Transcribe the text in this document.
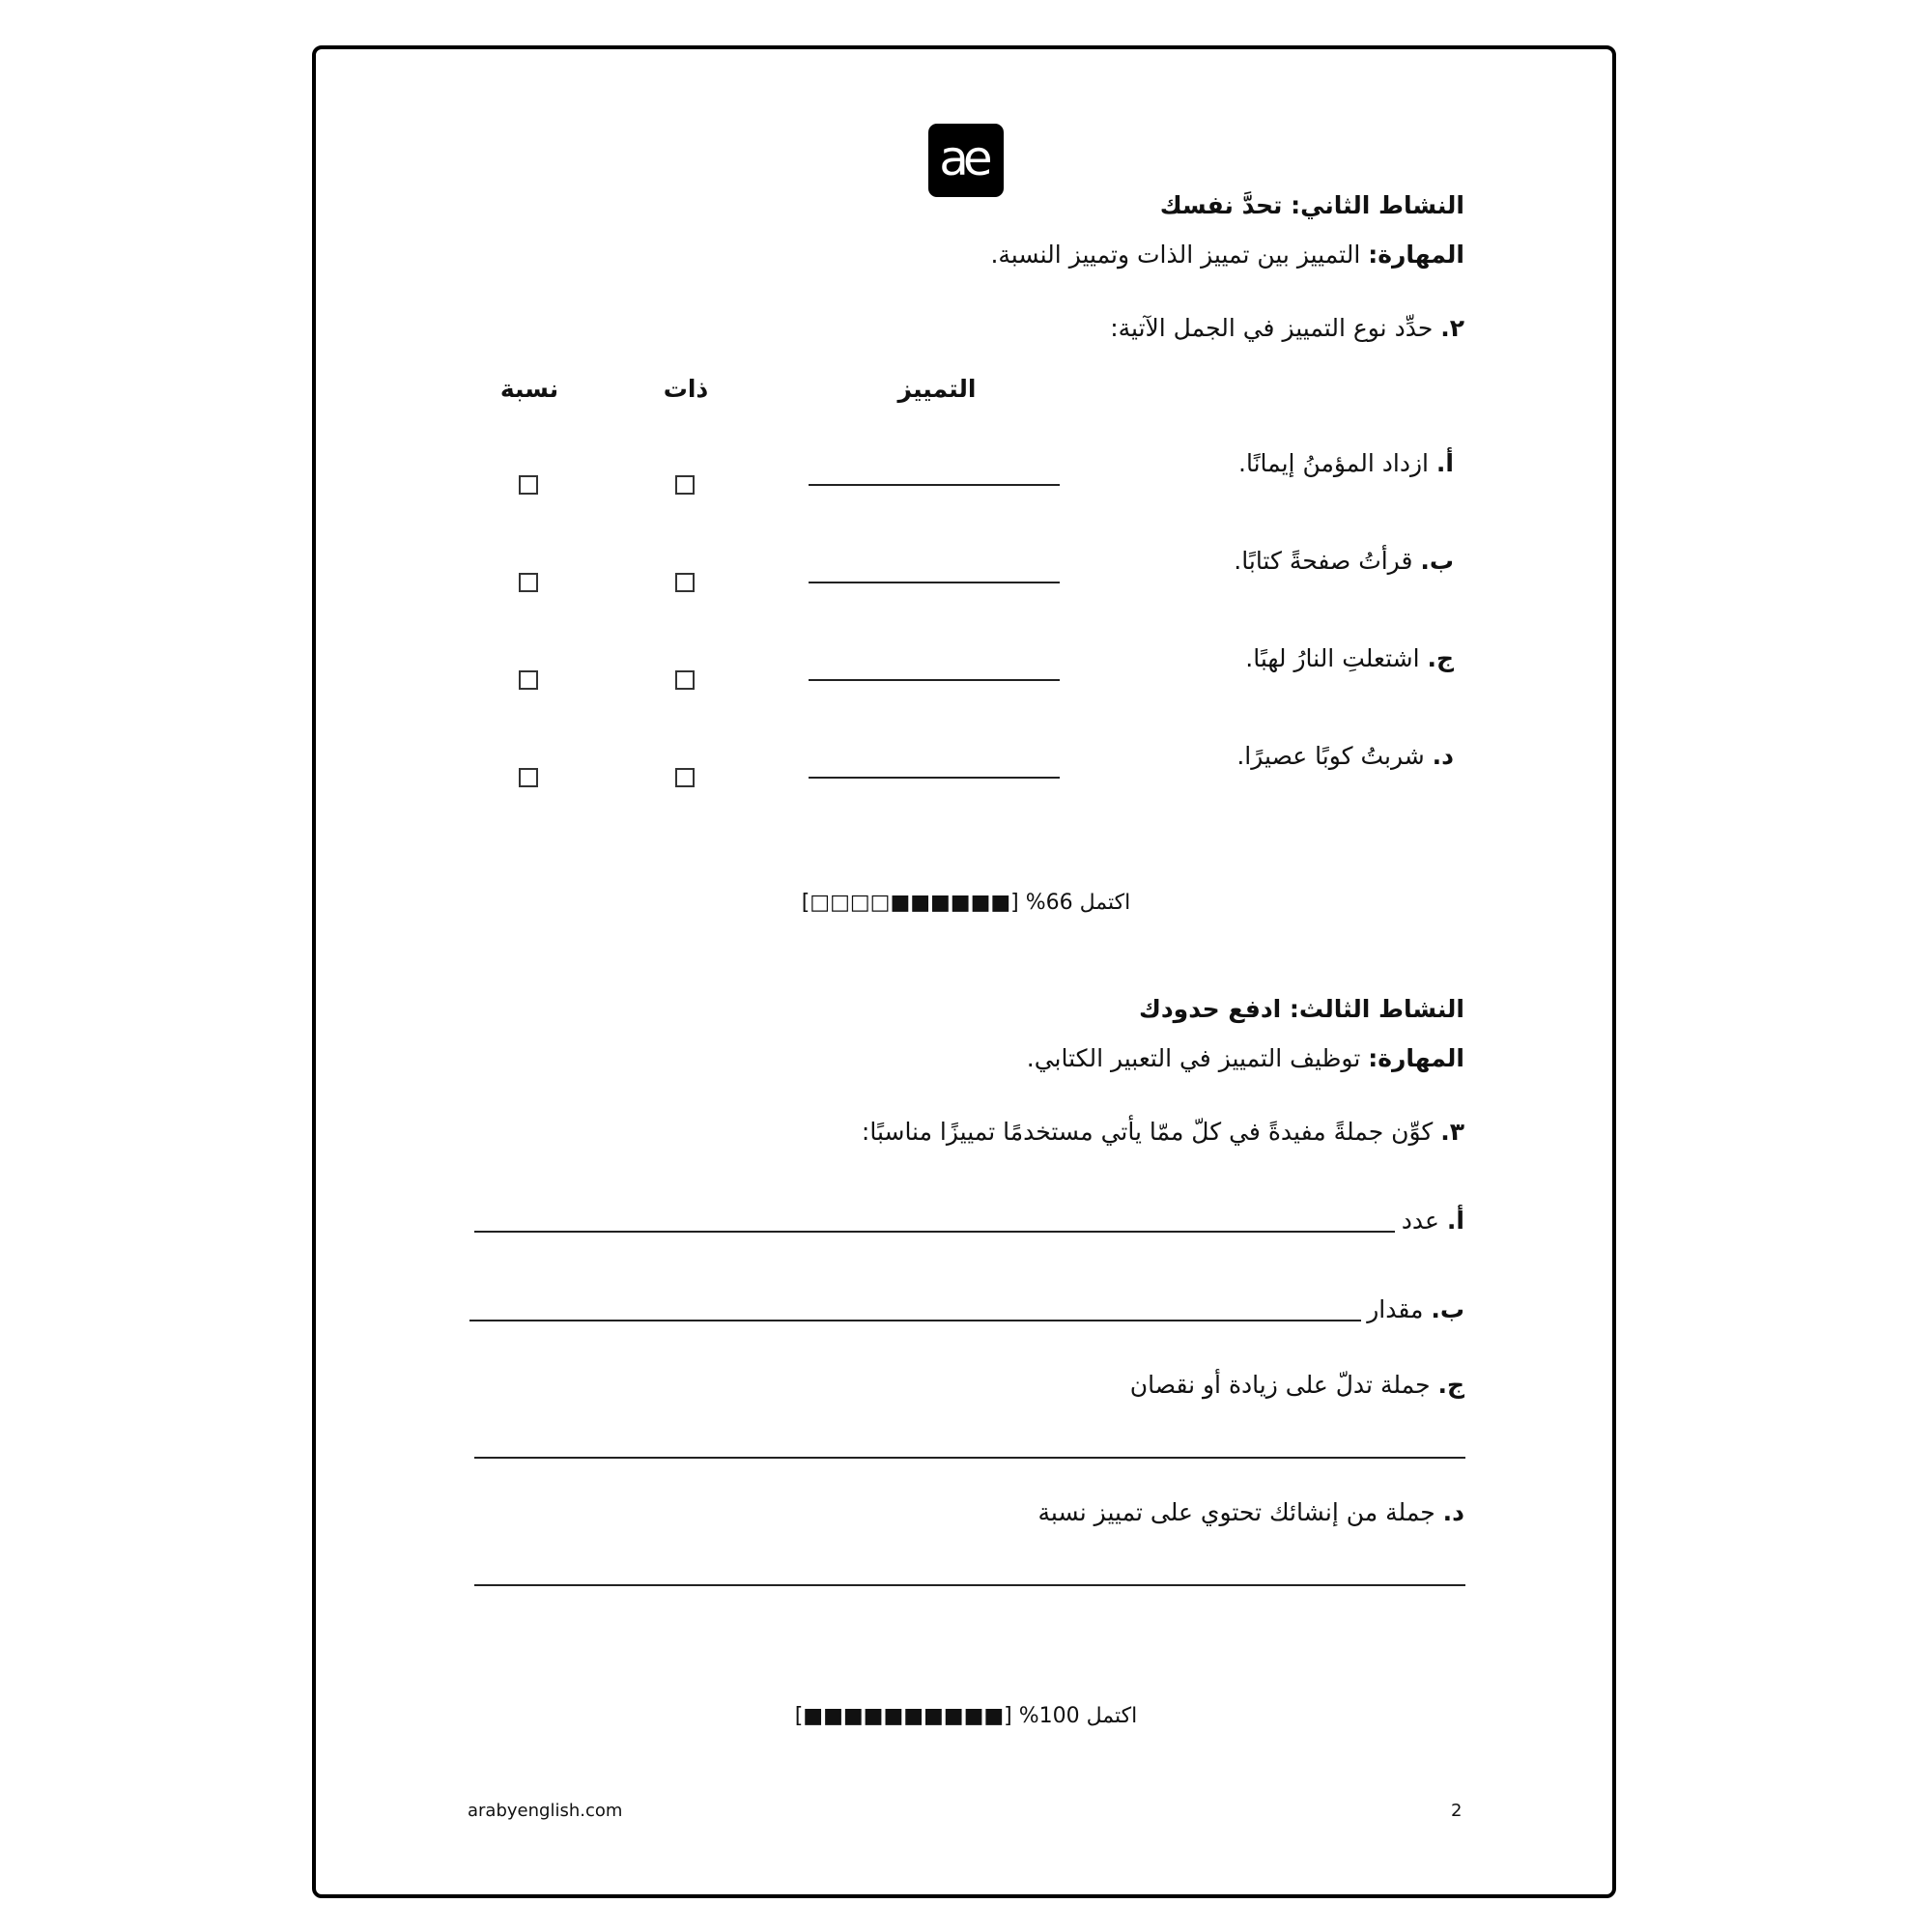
ae
النشاط الثاني: تحدَّ نفسك
المهارة: التمييز بين تمييز الذات وتمييز النسبة.
٢. حدِّد نوع التمييز في الجمل الآتية:
التمييز
ذات
نسبة
أ. ازداد المؤمنُ إيمانًا.
ب. قرأتُ صفحةً كتابًا.
ج. اشتعلتِ النارُ لهبًا.
د. شربتُ كوبًا عصيرًا.
اكتمل 66% [■■■■■■□□□□]
النشاط الثالث: ادفع حدودك
المهارة: توظيف التمييز في التعبير الكتابي.
٣. كوِّن جملةً مفيدةً في كلّ ممّا يأتي مستخدمًا تمييزًا مناسبًا:
أ. عدد
ب. مقدار
ج. جملة تدلّ على زيادة أو نقصان
د. جملة من إنشائك تحتوي على تمييز نسبة
اكتمل 100% [■■■■■■■■■■]
arabyenglish.com	2
